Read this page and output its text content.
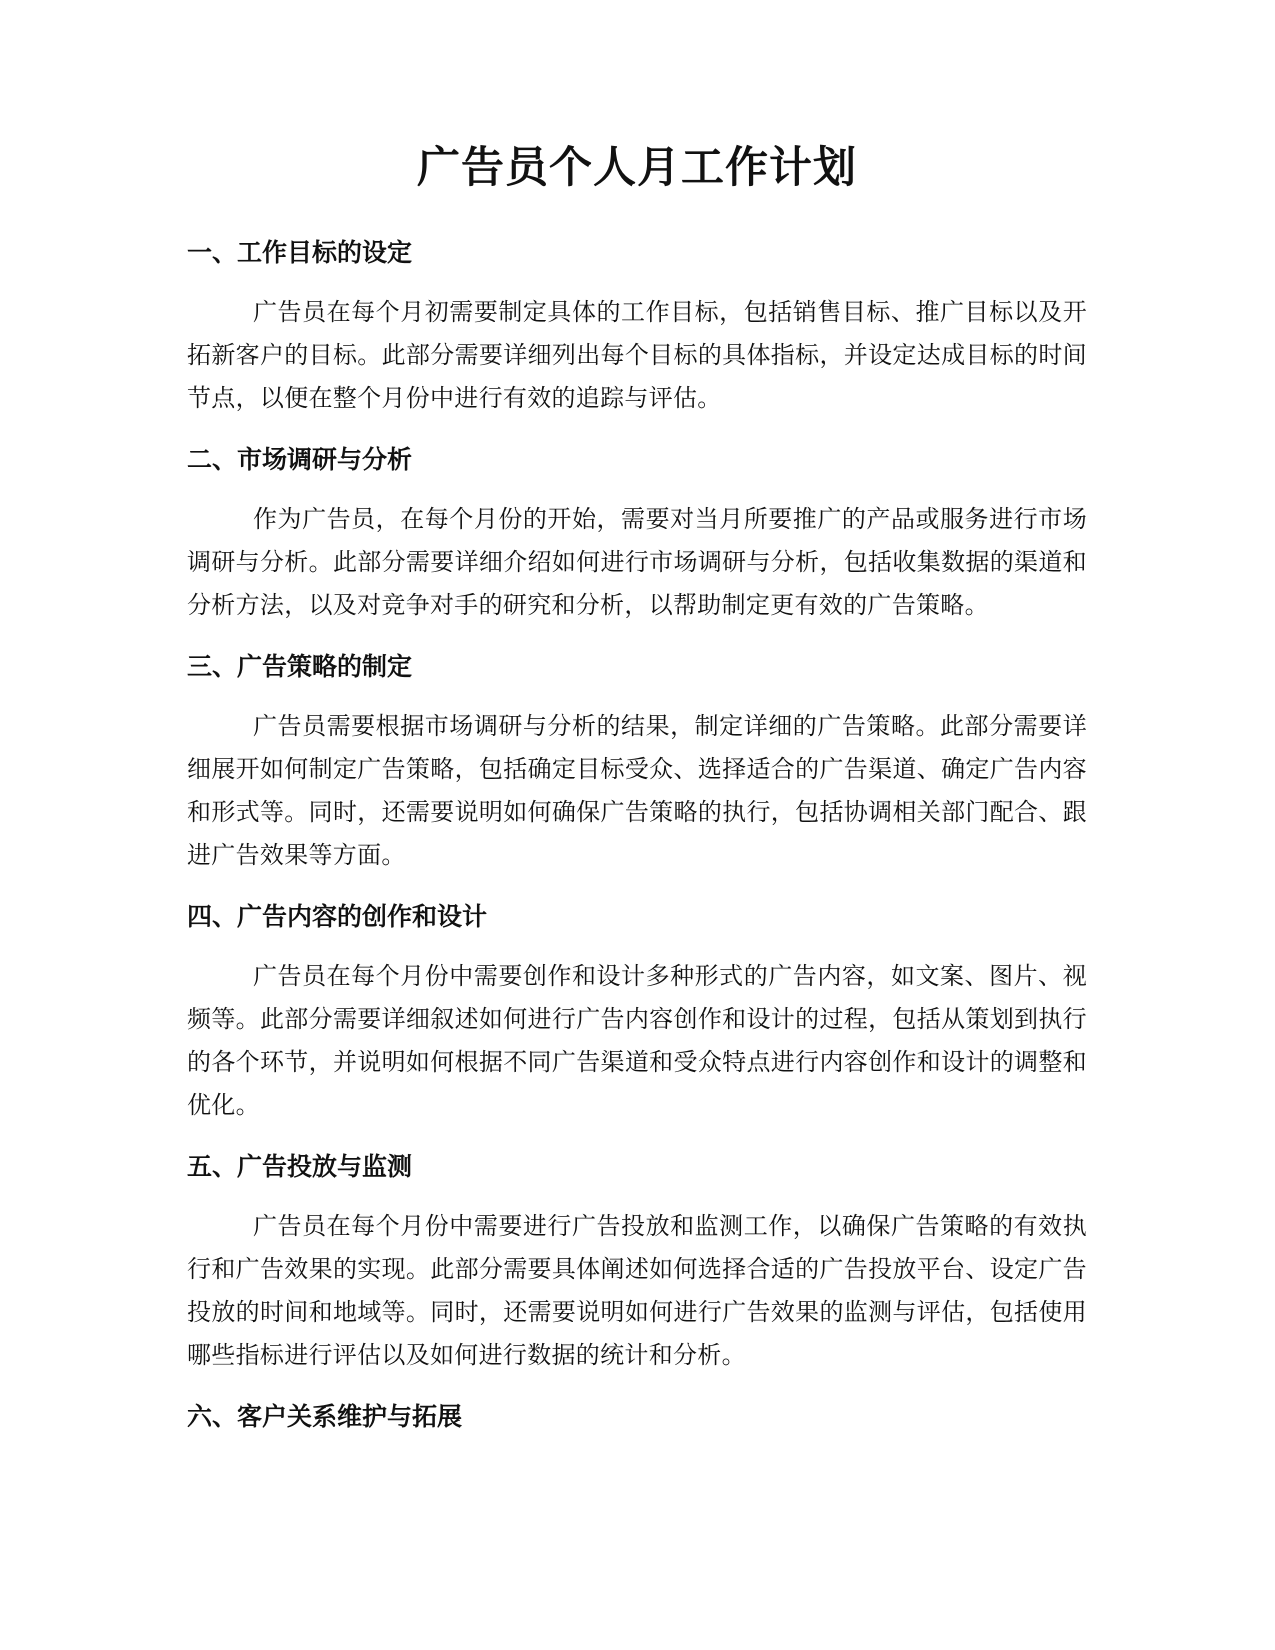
广告员个人月工作计划
一、工作目标的设定

广告员在每个月初需要制定具体的工作目标，包括销售目标、推广目标以及开拓新客户的目标。此部分需要详细列出每个目标的具体指标，并设定达成目标的时间节点，以便在整个月份中进行有效的追踪与评估。

二、市场调研与分析

作为广告员，在每个月份的开始，需要对当月所要推广的产品或服务进行市场调研与分析。此部分需要详细介绍如何进行市场调研与分析，包括收集数据的渠道和分析方法，以及对竞争对手的研究和分析，以帮助制定更有效的广告策略。

三、广告策略的制定

广告员需要根据市场调研与分析的结果，制定详细的广告策略。此部分需要详细展开如何制定广告策略，包括确定目标受众、选择适合的广告渠道、确定广告内容和形式等。同时，还需要说明如何确保广告策略的执行，包括协调相关部门配合、跟进广告效果等方面。

四、广告内容的创作和设计

广告员在每个月份中需要创作和设计多种形式的广告内容，如文案、图片、视频等。此部分需要详细叙述如何进行广告内容创作和设计的过程，包括从策划到执行的各个环节，并说明如何根据不同广告渠道和受众特点进行内容创作和设计的调整和优化。

五、广告投放与监测

广告员在每个月份中需要进行广告投放和监测工作，以确保广告策略的有效执行和广告效果的实现。此部分需要具体阐述如何选择合适的广告投放平台、设定广告投放的时间和地域等。同时，还需要说明如何进行广告效果的监测与评估，包括使用哪些指标进行评估以及如何进行数据的统计和分析。

六、客户关系维护与拓展
